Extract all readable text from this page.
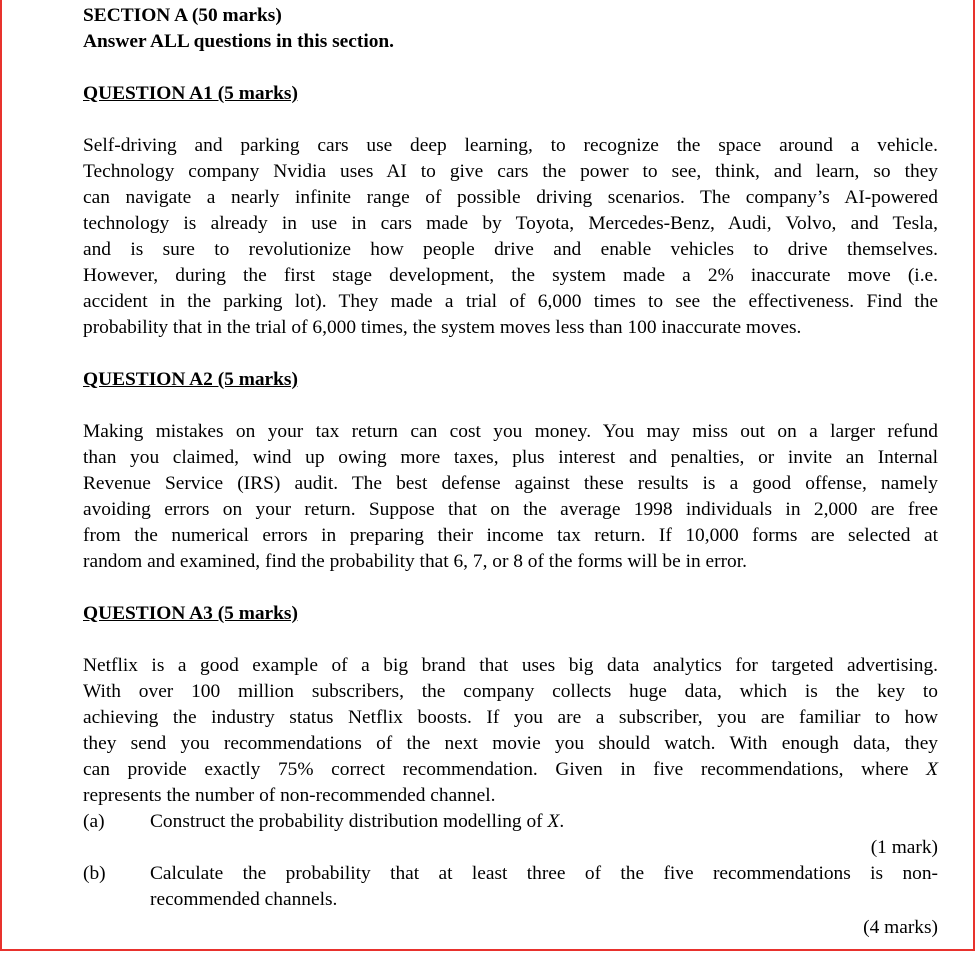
SECTION A (50 marks)
Answer ALL questions in this section.
QUESTION A1 (5 marks)
Self-driving and parking cars use deep learning, to recognize the space around a vehicle.
Technology company Nvidia uses AI to give cars the power to see, think, and learn, so they
can navigate a nearly infinite range of possible driving scenarios. The company’s AI-powered
technology is already in use in cars made by Toyota, Mercedes-Benz, Audi, Volvo, and Tesla,
and is sure to revolutionize how people drive and enable vehicles to drive themselves.
However, during the first stage development, the system made a 2% inaccurate move (i.e.
accident in the parking lot). They made a trial of 6,000 times to see the effectiveness. Find the
probability that in the trial of 6,000 times, the system moves less than 100 inaccurate moves.
QUESTION A2 (5 marks)
Making mistakes on your tax return can cost you money. You may miss out on a larger refund
than you claimed, wind up owing more taxes, plus interest and penalties, or invite an Internal
Revenue Service (IRS) audit. The best defense against these results is a good offense, namely
avoiding errors on your return. Suppose that on the average 1998 individuals in 2,000 are free
from the numerical errors in preparing their income tax return. If 10,000 forms are selected at
random and examined, find the probability that 6, 7, or 8 of the forms will be in error.
QUESTION A3 (5 marks)
Netflix is a good example of a big brand that uses big data analytics for targeted advertising.
With over 100 million subscribers, the company collects huge data, which is the key to
achieving the industry status Netflix boosts. If you are a subscriber, you are familiar to how
they send you recommendations of the next movie you should watch. With enough data, they
can provide exactly 75% correct recommendation. Given in five recommendations, where X
represents the number of non-recommended channel.
(a)	Construct the probability distribution modelling of X.
(1 mark)
(b)	Calculate the probability that at least three of the five recommendations is non-
recommended channels.
(4 marks)
